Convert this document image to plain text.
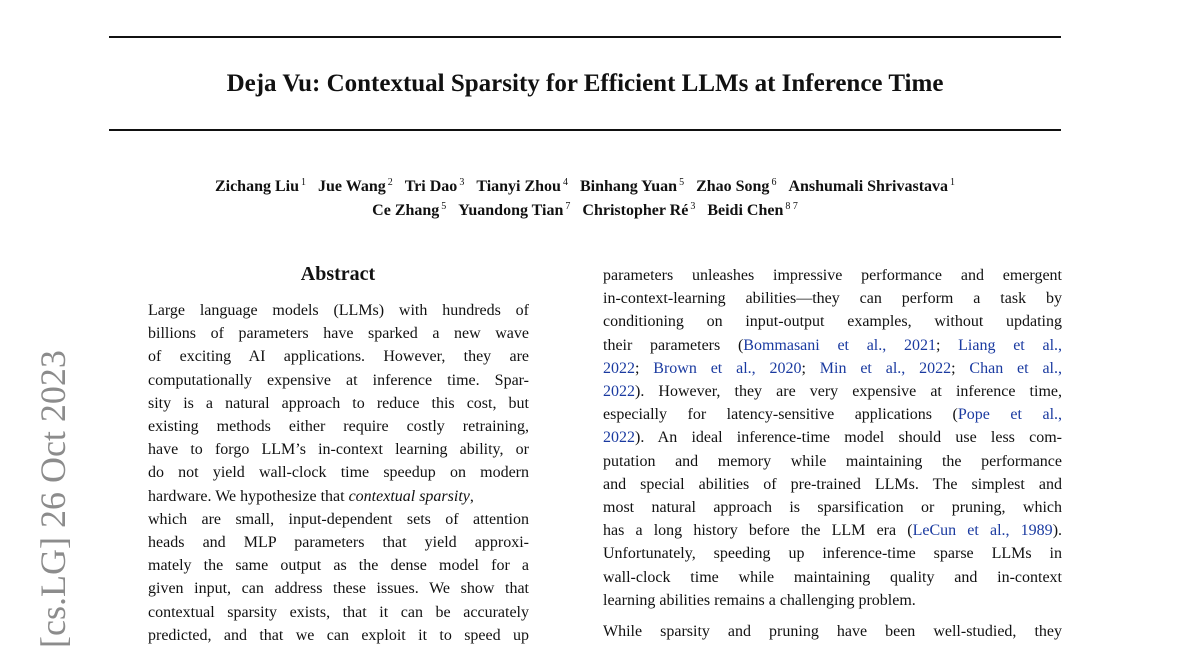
Deja Vu: Contextual Sparsity for Efficient LLMs at Inference Time
Zichang Liu $^1$ Jue Wang $^2$ Tri Dao $^3$ Tianyi Zhou $^4$ Binhang Yuan $^5$ Zhao Song $^6$ Anshumali Shrivastava $^1$
Ce Zhang $^5$ Yuandong Tian $^7$ Christopher Ré $^3$ Beidi Chen $^{8 7}$
[cs.LG] 26 Oct 2023
Abstract
Large language models (LLMs) with hundreds of
billions of parameters have sparked a new wave
of exciting AI applications. However, they are
computationally expensive at inference time. Spar-
sity is a natural approach to reduce this cost, but
existing methods either require costly retraining,
have to forgo LLM’s in-context learning ability, or
do not yield wall-clock time speedup on modern
hardware. We hypothesize that contextual sparsity,
which are small, input-dependent sets of attention
heads and MLP parameters that yield approxi-
mately the same output as the dense model for a
given input, can address these issues. We show that
contextual sparsity exists, that it can be accurately
predicted, and that we can exploit it to speed up
parameters unleashes impressive performance and emergent
in-context-learning abilities—they can perform a task by
conditioning on input-output examples, without updating
their parameters (Bommasani et al., 2021; Liang et al.,
2022; Brown et al., 2020; Min et al., 2022; Chan et al.,
2022). However, they are very expensive at inference time,
especially for latency-sensitive applications (Pope et al.,
2022). An ideal inference-time model should use less com-
putation and memory while maintaining the performance
and special abilities of pre-trained LLMs. The simplest and
most natural approach is sparsification or pruning, which
has a long history before the LLM era (LeCun et al., 1989).
Unfortunately, speeding up inference-time sparse LLMs in
wall-clock time while maintaining quality and in-context
learning abilities remains a challenging problem.
While sparsity and pruning have been well-studied, they
